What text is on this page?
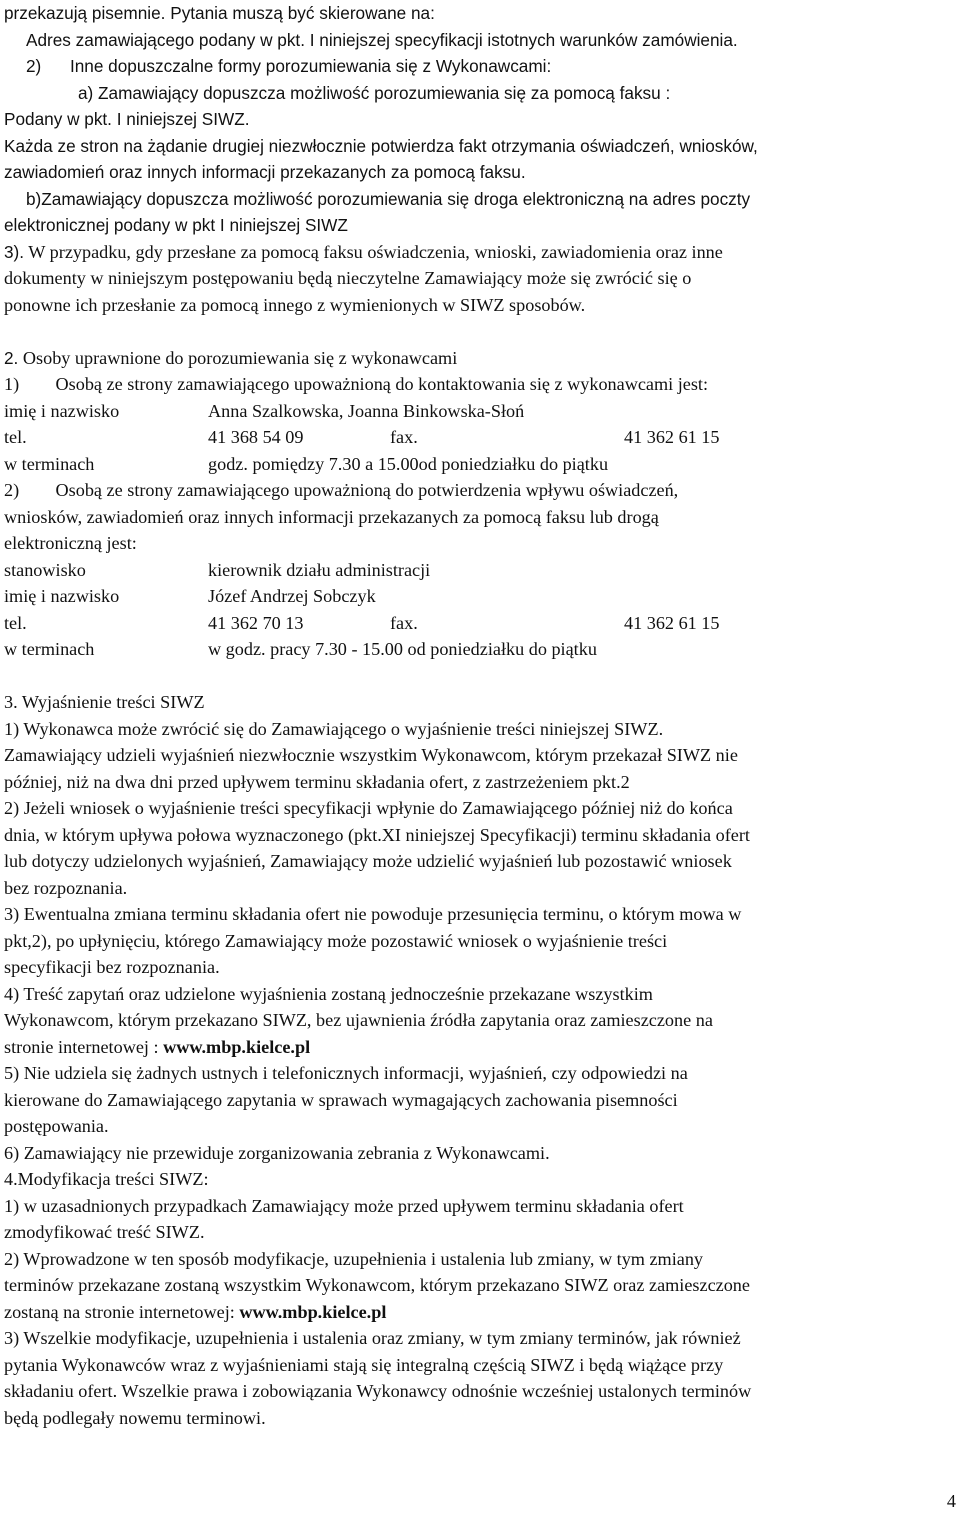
przekazują pisemnie. Pytania muszą być skierowane na:

Adres zamawiającego podany w pkt. I niniejszej specyfikacji istotnych warunków zamówienia.

2) Inne dopuszczalne formy porozumiewania się z Wykonawcami:

a) Zamawiający dopuszcza możliwość porozumiewania się za pomocą faksu :

Podany w pkt. I niniejszej SIWZ.

Każda ze stron na żądanie drugiej niezwłocznie potwierdza fakt otrzymania oświadczeń, wniosków,

zawiadomień oraz innych informacji przekazanych za pomocą faksu.

b)Zamawiający dopuszcza możliwość porozumiewania się droga elektroniczną na adres poczty

elektronicznej podany w pkt I niniejszej SIWZ

3). W przypadku, gdy przesłane za pomocą faksu oświadczenia, wnioski, zawiadomienia oraz inne

dokumenty w niniejszym postępowaniu będą nieczytelne Zamawiający może się zwrócić się o

ponowne ich przesłanie za pomocą innego z wymienionych w SIWZ sposobów.

2. Osoby uprawnione do porozumiewania się z wykonawcami

1) Osobą ze strony zamawiającego upoważnioną do kontaktowania się z wykonawcami jest:

imię i nazwisko	Anna Szalkowska, Joanna Binkowska-Słoń
tel.	41 368 54 09	fax.	41 362 61 15
w terminach	godz. pomiędzy 7.30 a 15.00od poniedziałku do piątku

2) Osobą ze strony zamawiającego upoważnioną do potwierdzenia wpływu oświadczeń,

wniosków, zawiadomień oraz innych informacji przekazanych za pomocą faksu lub drogą

elektroniczną jest:

stanowisko	kierownik działu administracji
imię i nazwisko	Józef Andrzej Sobczyk
tel.	41 362 70 13	fax.	41 362 61 15
w terminach	w godz. pracy 7.30 - 15.00 od poniedziałku do piątku

3. Wyjaśnienie treści SIWZ

1) Wykonawca może zwrócić się do Zamawiającego o wyjaśnienie treści niniejszej SIWZ.

Zamawiający udzieli wyjaśnień niezwłocznie wszystkim Wykonawcom, którym przekazał SIWZ nie

później, niż na dwa dni przed upływem terminu składania ofert, z zastrzeżeniem pkt.2

2) Jeżeli wniosek o wyjaśnienie treści specyfikacji wpłynie do Zamawiającego później niż do końca

dnia, w którym upływa połowa wyznaczonego (pkt.XI niniejszej Specyfikacji) terminu składania ofert

lub dotyczy udzielonych wyjaśnień, Zamawiający może udzielić wyjaśnień lub pozostawić wniosek

bez rozpoznania.

3) Ewentualna zmiana terminu składania ofert nie powoduje przesunięcia terminu, o którym mowa w

pkt,2), po upłynięciu, którego Zamawiający może pozostawić wniosek o wyjaśnienie treści

specyfikacji bez rozpoznania.

4) Treść zapytań oraz udzielone wyjaśnienia zostaną jednocześnie przekazane wszystkim

Wykonawcom, którym przekazano SIWZ, bez ujawnienia źródła zapytania oraz zamieszczone na

stronie internetowej : www.mbp.kielce.pl

5) Nie udziela się żadnych ustnych i telefonicznych informacji, wyjaśnień, czy odpowiedzi na

kierowane do Zamawiającego zapytania w sprawach wymagających zachowania pisemności

postępowania.

6) Zamawiający nie przewiduje zorganizowania zebrania z Wykonawcami.

4.Modyfikacja treści SIWZ:

1) w uzasadnionych przypadkach Zamawiający może przed upływem terminu składania ofert

zmodyfikować treść SIWZ.

2) Wprowadzone w ten sposób modyfikacje, uzupełnienia i ustalenia lub zmiany, w tym zmiany

terminów przekazane zostaną wszystkim Wykonawcom, którym przekazano SIWZ oraz zamieszczone

zostaną na stronie internetowej: www.mbp.kielce.pl

3) Wszelkie modyfikacje, uzupełnienia i ustalenia oraz zmiany, w tym zmiany terminów, jak również

pytania Wykonawców wraz z wyjaśnieniami stają się integralną częścią SIWZ i będą wiążące przy

składaniu ofert. Wszelkie prawa i zobowiązania Wykonawcy odnośnie wcześniej ustalonych terminów

będą podlegały nowemu terminowi.

4
